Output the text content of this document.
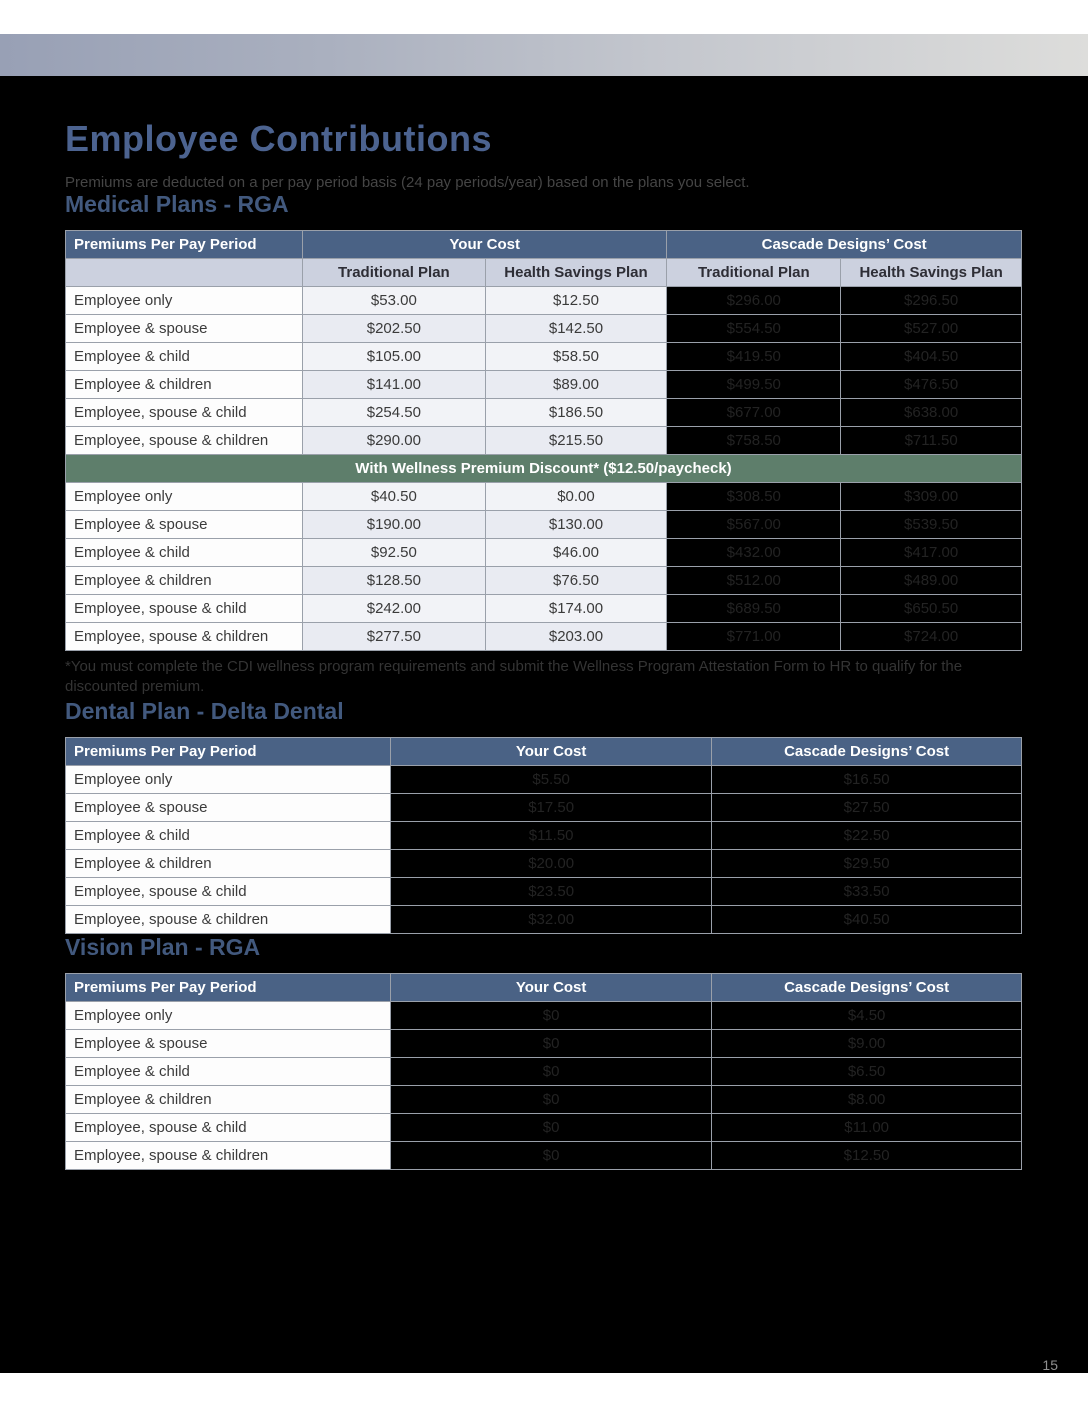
Employee Contributions
Premiums are deducted on a per pay period basis (24 pay periods/year) based on the plans you select.
Medical Plans - RGA
Premiums Per Pay Period	Your Cost		Cascade Designs’ Cost	
	Traditional Plan	Health Savings Plan	Traditional Plan	Health Savings Plan
Employee only	$53.00	$12.50	$296.00	$296.50
Employee & spouse	$202.50	$142.50	$554.50	$527.00
Employee & child	$105.00	$58.50	$419.50	$404.50
Employee & children	$141.00	$89.00	$499.50	$476.50
Employee, spouse & child	$254.50	$186.50	$677.00	$638.00
Employee, spouse & children	$290.00	$215.50	$758.50	$711.50
With Wellness Premium Discount* ($12.50/paycheck)				
Employee only	$40.50	$0.00	$308.50	$309.00
Employee & spouse	$190.00	$130.00	$567.00	$539.50
Employee & child	$92.50	$46.00	$432.00	$417.00
Employee & children	$128.50	$76.50	$512.00	$489.00
Employee, spouse & child	$242.00	$174.00	$689.50	$650.50
Employee, spouse & children	$277.50	$203.00	$771.00	$724.00
*You must complete the CDI wellness program requirements and submit the Wellness Program Attestation Form to HR to qualify for the discounted premium.
Dental Plan - Delta Dental
Premiums Per Pay Period	Your Cost	Cascade Designs’ Cost
Employee only	$5.50	$16.50
Employee & spouse	$17.50	$27.50
Employee & child	$11.50	$22.50
Employee & children	$20.00	$29.50
Employee, spouse & child	$23.50	$33.50
Employee, spouse & children	$32.00	$40.50
Vision Plan - RGA
Premiums Per Pay Period	Your Cost	Cascade Designs’ Cost
Employee only	$0	$4.50
Employee & spouse	$0	$9.00
Employee & child	$0	$6.50
Employee & children	$0	$8.00
Employee, spouse & child	$0	$11.00
Employee, spouse & children	$0	$12.50
15
